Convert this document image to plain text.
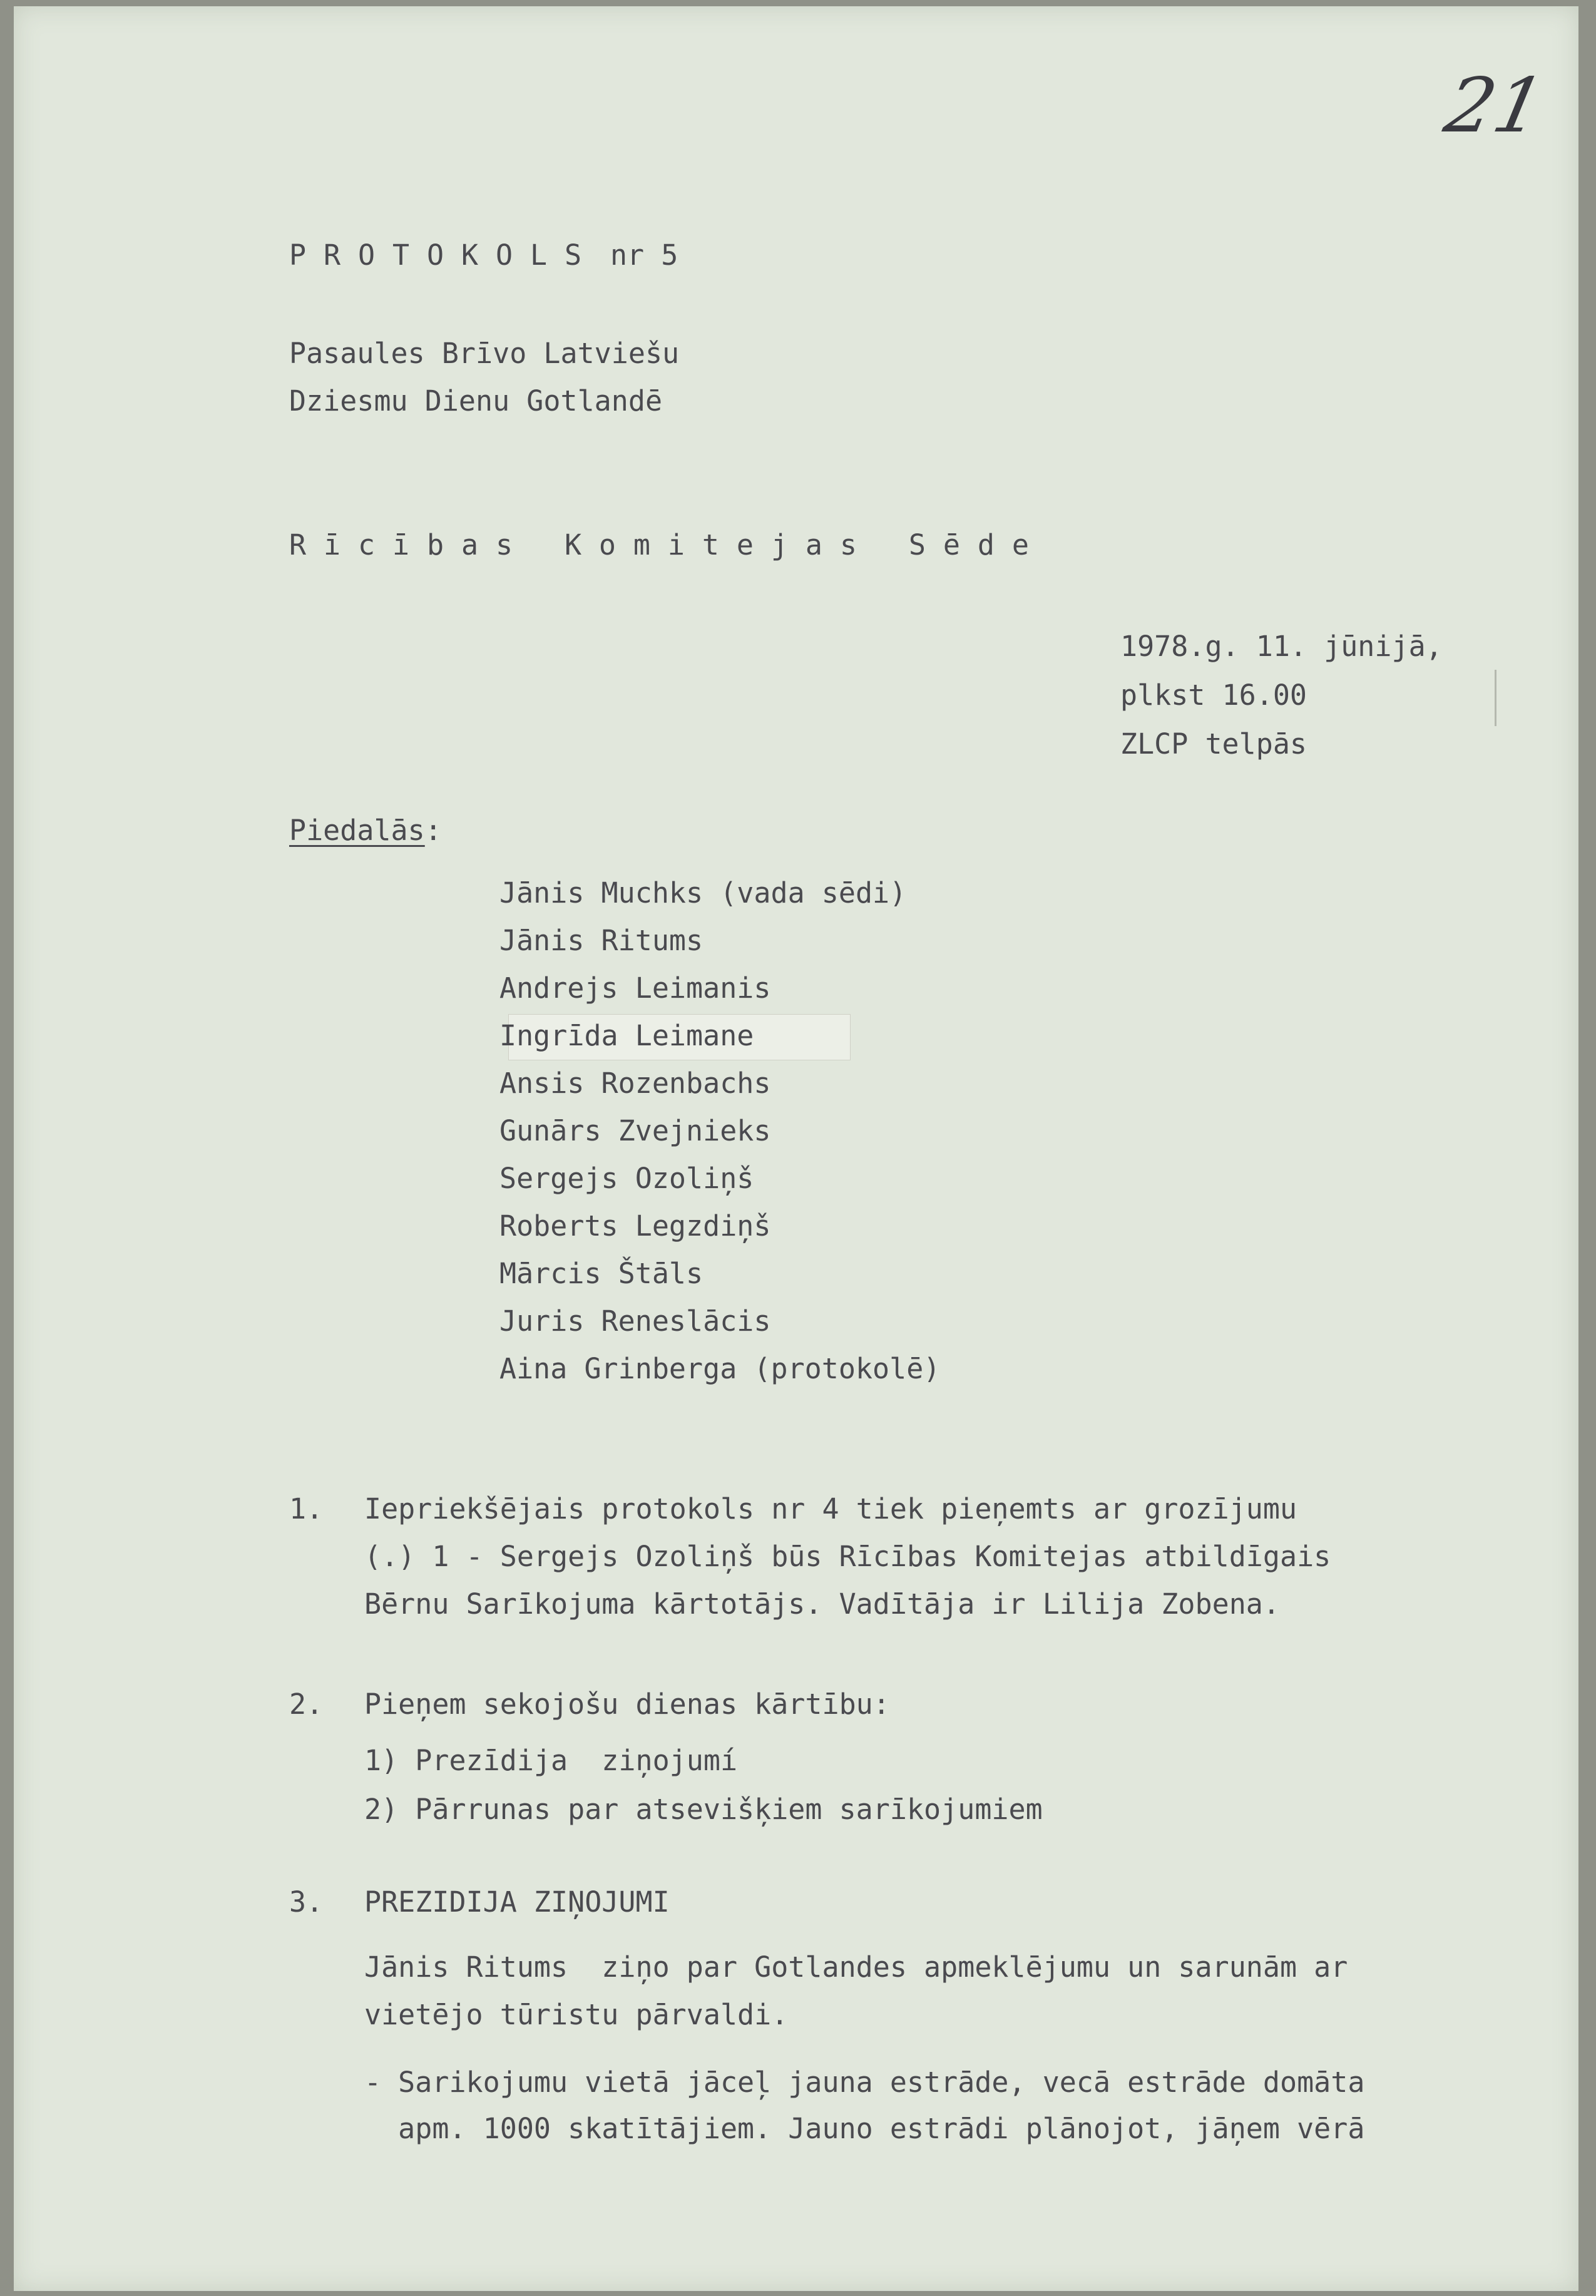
21
PROTOKOLS nr 5
Pasaules Brīvo Latviešu
Dziesmu Dienu Gotlandē
Rīcības Komitejas Sēde
1978.g. 11. jūnijā,
plkst 16.00
ZLCP telpās
Piedalās:
Jānis Muchks (vada sēdi)
Jānis Ritums
Andrejs Leimanis
Ingrīda Leimane
Ansis Rozenbachs
Gunārs Zvejnieks
Sergejs Ozoliņš
Roberts Legzdiņš
Mārcis Štāls
Juris Reneslācis
Aina Grinberga (protokolē)
1. Iepriekšējais protokols nr 4 tiek pieņemts ar grozījumu
(.) 1 - Sergejs Ozoliņš būs Rīcības Komitejas atbildīgais
Bērnu Sarīkojuma kārtotājs. Vadītāja ir Lilija Zobena.
2. Pieņem sekojošu dienas kārtību:
1) Prezīdija  ziņojumí
2) Pārrunas par atsevišķiem sarīkojumiem
3. PREZIDIJA ZIŅOJUMI
Jānis Ritums  ziņo par Gotlandes apmeklējumu un sarunām ar
vietējo tūristu pārvaldi.
- Sarikojumu vietā jāceļ jauna estrāde, vecā estrāde domāta
apm. 1000 skatītājiem. Jauno estrādi plānojot, jāņem vērā
